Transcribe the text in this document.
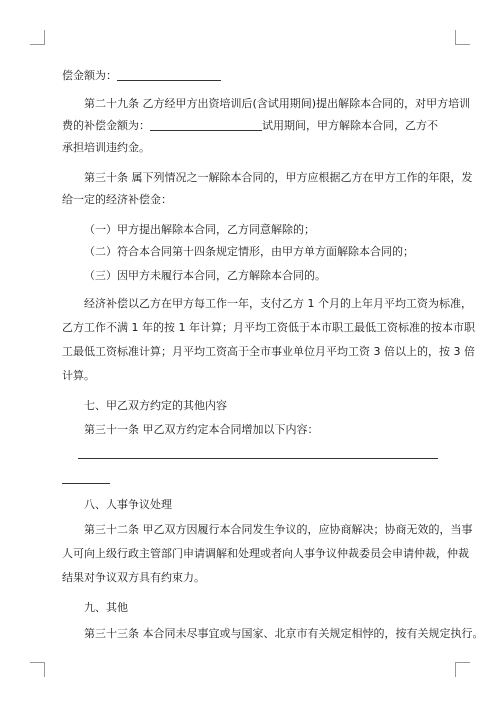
偿金额为：
第二十九条 乙方经甲方出资培训后(含试用期间)提出解除本合同的，对甲方培训
费的补偿金额为：	试用期间，甲方解除本合同，乙方不
承担培训违约金。
第三十条 属下列情况之一解除本合同的，甲方应根据乙方在甲方工作的年限，发
给一定的经济补偿金：
（一）甲方提出解除本合同，乙方同意解除的；
（二）符合本合同第十四条规定情形，由甲方单方面解除本合同的；
（三）因甲方未履行本合同，乙方解除本合同的。
经济补偿以乙方在甲方每工作一年，支付乙方 1 个月的上年月平均工资为标准，
乙方工作不满 1 年的按 1 年计算；月平均工资低于本市职工最低工资标准的按本市职
工最低工资标准计算；月平均工资高于全市事业单位月平均工资 3 倍以上的，按 3 倍
计算。
七、甲乙双方约定的其他内容
第三十一条 甲乙双方约定本合同增加以下内容：
八、人事争议处理
第三十二条 甲乙双方因履行本合同发生争议的，应协商解决；协商无效的，当事
人可向上级行政主管部门申请调解和处理或者向人事争议仲裁委员会申请仲裁，仲裁
结果对争议双方具有约束力。
九、其他
第三十三条 本合同未尽事宜或与国家、北京市有关规定相悖的，按有关规定执行。
